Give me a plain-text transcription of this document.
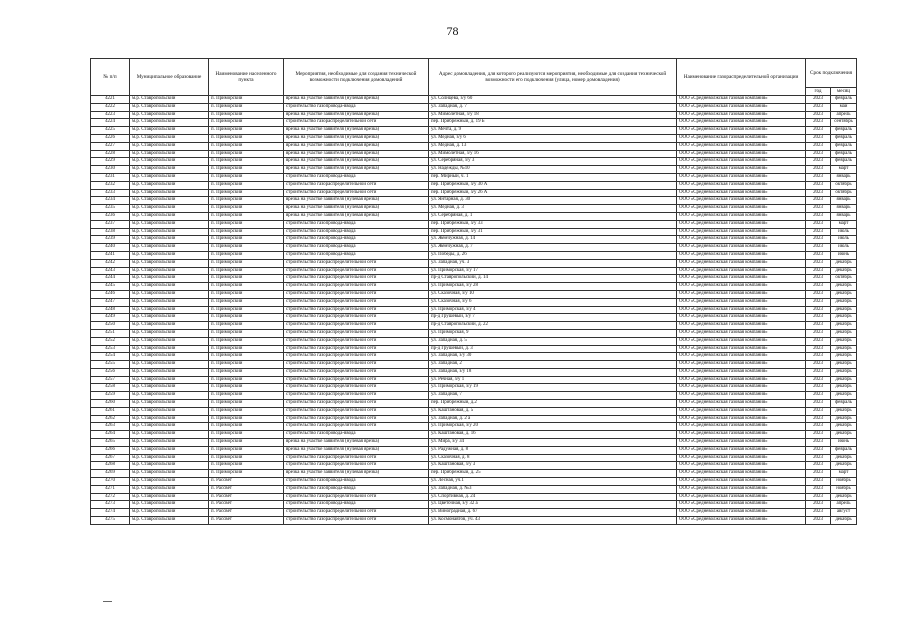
78
№ п/п	Муниципальное образование	Наименование населенного пункта	Мероприятия, необходимые для создания технической возможности подключения домовладений	Адрес домовладения, для которого реализуются мероприятия, необходимые для создания технической возможности его подключения (улица, номер домовладения)	Наименование газораспределительной организации	Срок подключения	
						год	месяц
4221	м.р. Ставропольский	п. Приморский	врезка на участке заявителя (нулевая врезка)	ул. Солнцева, з/у 60	ООО «Средневолжская газовая компания»	2023	февраль
4222	м.р. Ставропольский	п. Приморский	строительство газопровода-ввода	ул. Западная, д. 7	ООО «Средневолжская газовая компания»	2023	май
4223	м.р. Ставропольский	п. Приморский	врезка на участке заявителя (нулевая врезка)	ул. Мимолетная, з/у 18	ООО «Средневолжская газовая компания»	2023	апрель
4224	м.р. Ставропольский	п. Приморский	строительство газораспределительной сети	пер. Прибрежный, д. 19 Б	ООО «Средневолжская газовая компания»	2023	сентябрь
4225	м.р. Ставропольский	п. Приморский	врезка на участке заявителя (нулевая врезка)	ул. Мечта, д. 9	ООО «Средневолжская газовая компания»	2023	февраль
4226	м.р. Ставропольский	п. Приморский	врезка на участке заявителя (нулевая врезка)	ул. Медная, з/у 6	ООО «Средневолжская газовая компания»	2023	февраль
4227	м.р. Ставропольский	п. Приморский	врезка на участке заявителя (нулевая врезка)	ул. Медная, д. 13	ООО «Средневолжская газовая компания»	2023	февраль
4228	м.р. Ставропольский	п. Приморский	врезка на участке заявителя (нулевая врезка)	ул. Мимолетная, з/у 16	ООО «Средневолжская газовая компания»	2023	февраль
4229	м.р. Ставропольский	п. Приморский	врезка на участке заявителя (нулевая врезка)	ул. Серебряная, з/у 3	ООО «Средневолжская газовая компания»	2023	февраль
4230	м.р. Ставропольский	п. Приморский	врезка на участке заявителя (нулевая врезка)	ул. Надежды, №10	ООО «Средневолжская газовая компания»	2023	март
4231	м.р. Ставропольский	п. Приморский	строительство газопровода-ввода	пер. Мирный, ч. 1	ООО «Средневолжская газовая компания»	2023	январь
4232	м.р. Ставропольский	п. Приморский	строительство газораспределительной сети	пер. Прибрежный, з/у 30 А	ООО «Средневолжская газовая компания»	2023	октябрь
4233	м.р. Ставропольский	п. Приморский	строительство газораспределительной сети	пер. Прибрежный, з/у 26 А	ООО «Средневолжская газовая компания»	2023	октябрь
4234	м.р. Ставропольский	п. Приморский	врезка на участке заявителя (нулевая врезка)	ул. Янтарная, д. 30	ООО «Средневолжская газовая компания»	2023	январь
4235	м.р. Ставропольский	п. Приморский	врезка на участке заявителя (нулевая врезка)	ул. Медная, д. 3	ООО «Средневолжская газовая компания»	2023	январь
4236	м.р. Ставропольский	п. Приморский	врезка на участке заявителя (нулевая врезка)	ул. Серебряная, д. 1	ООО «Средневолжская газовая компания»	2023	январь
4237	м.р. Ставропольский	п. Приморский	строительство газопровода-ввода	пер. Прибрежный, з/у 33	ООО «Средневолжская газовая компания»	2023	март
4238	м.р. Ставропольский	п. Приморский	строительство газопровода-ввода	пер. Прибрежный, з/у 31	ООО «Средневолжская газовая компания»	2023	июль
4239	м.р. Ставропольский	п. Приморский	строительство газопровода-ввода	ул. Жемчужная, д. 14	ООО «Средневолжская газовая компания»	2023	июль
4240	м.р. Ставропольский	п. Приморский	строительство газопровода-ввода	ул. Жемчужная, д. 7	ООО «Средневолжская газовая компания»	2023	июль
4241	м.р. Ставропольский	п. Приморский	строительство газопровода-ввода	ул. Победы, д. 26	ООО «Средневолжская газовая компания»	2023	июнь
4242	м.р. Ставропольский	п. Приморский	строительство газораспределительной сети	ул. Западная, уч. 3	ООО «Средневолжская газовая компания»	2023	декабрь
4243	м.р. Ставропольский	п. Приморский	строительство газораспределительной сети	ул. Приморская, з/у 17	ООО «Средневолжская газовая компания»	2023	декабрь
4244	м.р. Ставропольский	п. Приморский	строительство газораспределительной сети	пр-д Ставропольский, д. 14	ООО «Средневолжская газовая компания»	2023	октябрь
4245	м.р. Ставропольский	п. Приморский	строительство газораспределительной сети	ул. Приморская, з/у 28	ООО «Средневолжская газовая компания»	2023	декабрь
4246	м.р. Ставропольский	п. Приморский	строительство газораспределительной сети	ул. Сказочная, з/у 10	ООО «Средневолжская газовая компания»	2023	декабрь
4247	м.р. Ставропольский	п. Приморский	строительство газораспределительной сети	ул. Сказочная, з/у 6	ООО «Средневолжская газовая компания»	2023	декабрь
4248	м.р. Ставропольский	п. Приморский	строительство газораспределительной сети	ул. Приморская, з/у 4	ООО «Средневолжская газовая компания»	2023	декабрь
4249	м.р. Ставропольский	п. Приморский	строительство газораспределительной сети	пр-д Грушевый, з/у 7	ООО «Средневолжская газовая компания»	2023	декабрь
4250	м.р. Ставропольский	п. Приморский	строительство газораспределительной сети	пр-д Ставропольский, д. 22	ООО «Средневолжская газовая компания»	2023	декабрь
4251	м.р. Ставропольский	п. Приморский	строительство газораспределительной сети	ул. Приморская, 9	ООО «Средневолжская газовая компания»	2023	декабрь
4252	м.р. Ставропольский	п. Приморский	строительство газораспределительной сети	ул. Западная, д. 5	ООО «Средневолжская газовая компания»	2023	декабрь
4253	м.р. Ставропольский	п. Приморский	строительство газораспределительной сети	пр-д Грушевый, д. 3	ООО «Средневолжская газовая компания»	2023	декабрь
4254	м.р. Ставропольский	п. Приморский	строительство газораспределительной сети	ул. Западная, з/у 30	ООО «Средневолжская газовая компания»	2023	декабрь
4255	м.р. Ставропольский	п. Приморский	строительство газораспределительной сети	ул. Западная, 2	ООО «Средневолжская газовая компания»	2023	декабрь
4256	м.р. Ставропольский	п. Приморский	строительство газораспределительной сети	ул. Западная, з/у 18	ООО «Средневолжская газовая компания»	2023	декабрь
4257	м.р. Ставропольский	п. Приморский	строительство газораспределительной сети	ул. Речная, з/у 1	ООО «Средневолжская газовая компания»	2023	декабрь
4258	м.р. Ставропольский	п. Приморский	строительство газораспределительной сети	ул. Приморская, з/у 19	ООО «Средневолжская газовая компания»	2023	декабрь
4259	м.р. Ставропольский	п. Приморский	строительство газораспределительной сети	ул. Западная, 7	ООО «Средневолжская газовая компания»	2023	декабрь
4260	м.р. Ставропольский	п. Приморский	строительство газораспределительной сети	пер. Прибрежный, д.2	ООО «Средневолжская газовая компания»	2023	февраль
4261	м.р. Ставропольский	п. Приморский	строительство газораспределительной сети	ул. Каштановая, д. 5	ООО «Средневолжская газовая компания»	2023	декабрь
4262	м.р. Ставропольский	п. Приморский	строительство газораспределительной сети	ул. Западная, д. 2 а	ООО «Средневолжская газовая компания»	2023	декабрь
4263	м.р. Ставропольский	п. Приморский	строительство газораспределительной сети	ул. Приморская, з/у 20	ООО «Средневолжская газовая компания»	2023	декабрь
4264	м.р. Ставропольский	п. Приморский	строительство газопровода-ввода	ул. Каштановая, д. 16	ООО «Средневолжская газовая компания»	2023	декабрь
4265	м.р. Ставропольский	п. Приморский	врезка на участке заявителя (нулевая врезка)	ул. Мира, з/у 34	ООО «Средневолжская газовая компания»	2023	июнь
4266	м.р. Ставропольский	п. Приморский	врезка на участке заявителя (нулевая врезка)	ул. Радужная, д. 8	ООО «Средневолжская газовая компания»	2023	февраль
4267	м.р. Ставропольский	п. Приморский	строительство газораспределительной сети	ул. Сказочная, д. 8	ООО «Средневолжская газовая компания»	2023	декабрь
4268	м.р. Ставропольский	п. Приморский	строительство газораспределительной сети	ул. Каштановая, з/у 3	ООО «Средневолжская газовая компания»	2023	декабрь
4269	м.р. Ставропольский	п. Приморский	врезка на участке заявителя (нулевая врезка)	пер. Прибрежный, д. 25	ООО «Средневолжская газовая компания»	2023	март
4270	м.р. Ставропольский	п. Рассвет	строительство газопровода-ввода	ул. Лесная, уч.1	ООО «Средневолжская газовая компания»	2023	ноябрь
4271	м.р. Ставропольский	п. Рассвет	строительство газопровода-ввода	ул. Западная, д. №3	ООО «Средневолжская газовая компания»	2023	ноябрь
4272	м.р. Ставропольский	п. Рассвет	строительство газораспределительной сети	ул. Спортивная, д. 24	ООО «Средневолжская газовая компания»	2023	декабрь
4273	м.р. Ставропольский	п. Рассвет	строительство газопровода-ввода	ул. Цветочная, з/у 32 а	ООО «Средневолжская газовая компания»	2023	апрель
4274	м.р. Ставропольский	п. Рассвет	строительство газораспределительной сети	ул. Виноградная, д. 67	ООО «Средневолжская газовая компания»	2023	август
4275	м.р. Ставропольский	п. Рассвет	строительство газораспределительной сети	ул. Космонавтов, уч. 43	ООО «Средневолжская газовая компания»	2023	декабрь
